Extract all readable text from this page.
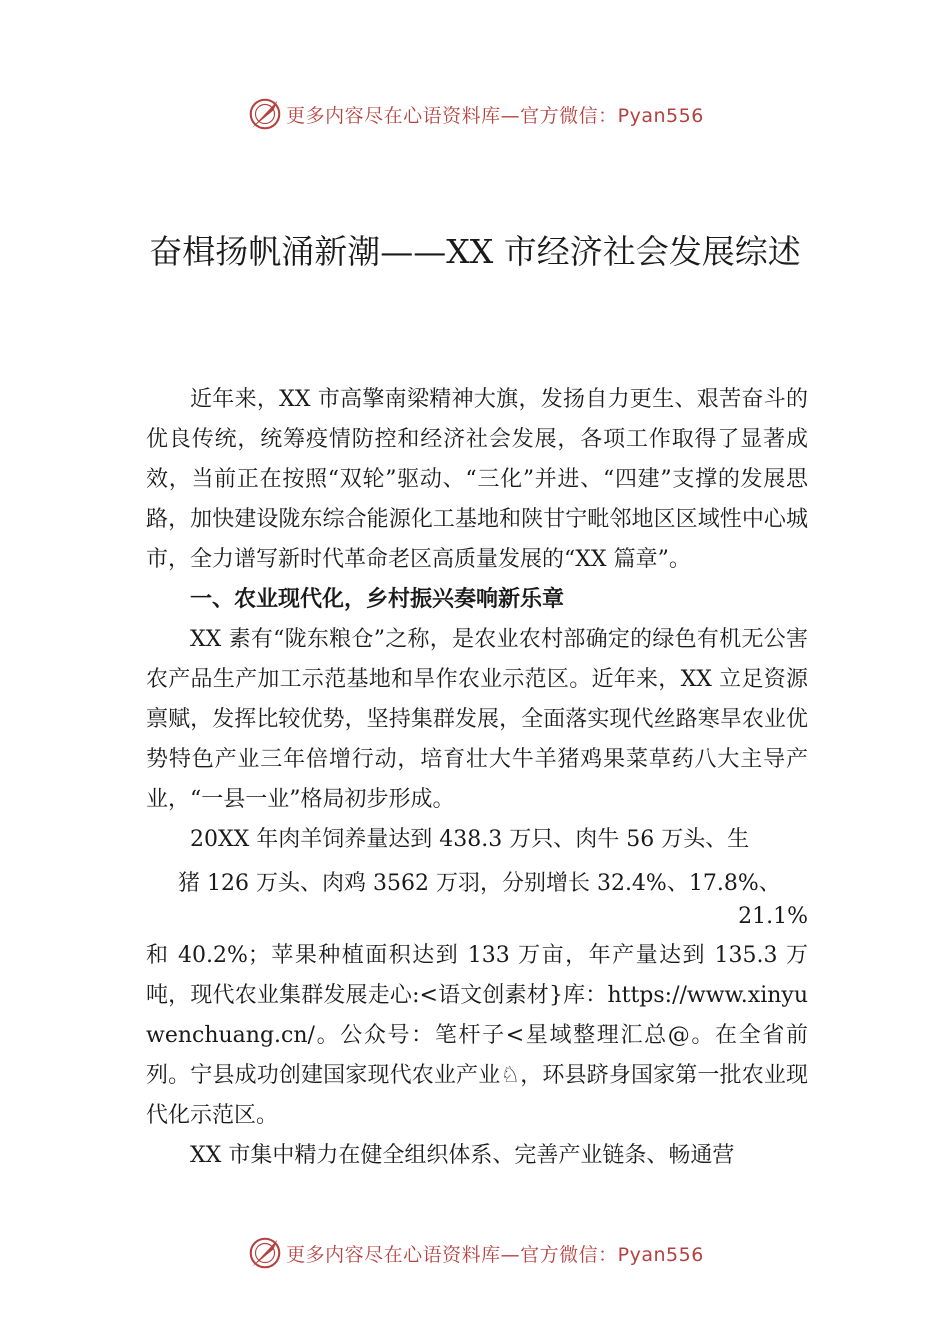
更多内容尽在心语资料库—官方微信：Pyan556
奋楫扬帆涌新潮——XX 市经济社会发展综述

近年来，XX 市高擎南梁精神大旗，发扬自力更生、艰苦奋斗的优良传统，统筹疫情防控和经济社会发展，各项工作取得了显著成效，当前正在按照“双轮”驱动、“三化”并进、“四建”支撑的发展思路，加快建设陇东综合能源化工基地和陕甘宁毗邻地区区域性中心城市，全力谱写新时代革命老区高质量发展的“XX 篇章”。

一、农业现代化，乡村振兴奏响新乐章

XX 素有“陇东粮仓”之称，是农业农村部确定的绿色有机无公害农产品生产加工示范基地和旱作农业示范区。近年来，XX 立足资源禀赋，发挥比较优势，坚持集群发展，全面落实现代丝路寒旱农业优势特色产业三年倍增行动，培育壮大牛羊猪鸡果菜草药八大主导产业，“一县一业”格局初步形成。

20XX 年肉羊饲养量达到 438.3 万只、肉牛 56 万头、生

猪 126 万头、肉鸡 3562 万羽，分别增长 32.4%、17.8%、

21.1%

和 40.2%；苹果种植面积达到 133 万亩，年产量达到 135.3 万吨，现代农业集群发展走心:<语文创素材}库：https://www.xinyuwenchuang.cn/。公众号：笔杆子<星域整理汇总@。在全省前列。宁县成功创建国家现代农业产业♘，环县跻身国家第一批农业现代化示范区。

XX 市集中精力在健全组织体系、完善产业链条、畅通营

更多内容尽在心语资料库—官方微信：Pyan556
